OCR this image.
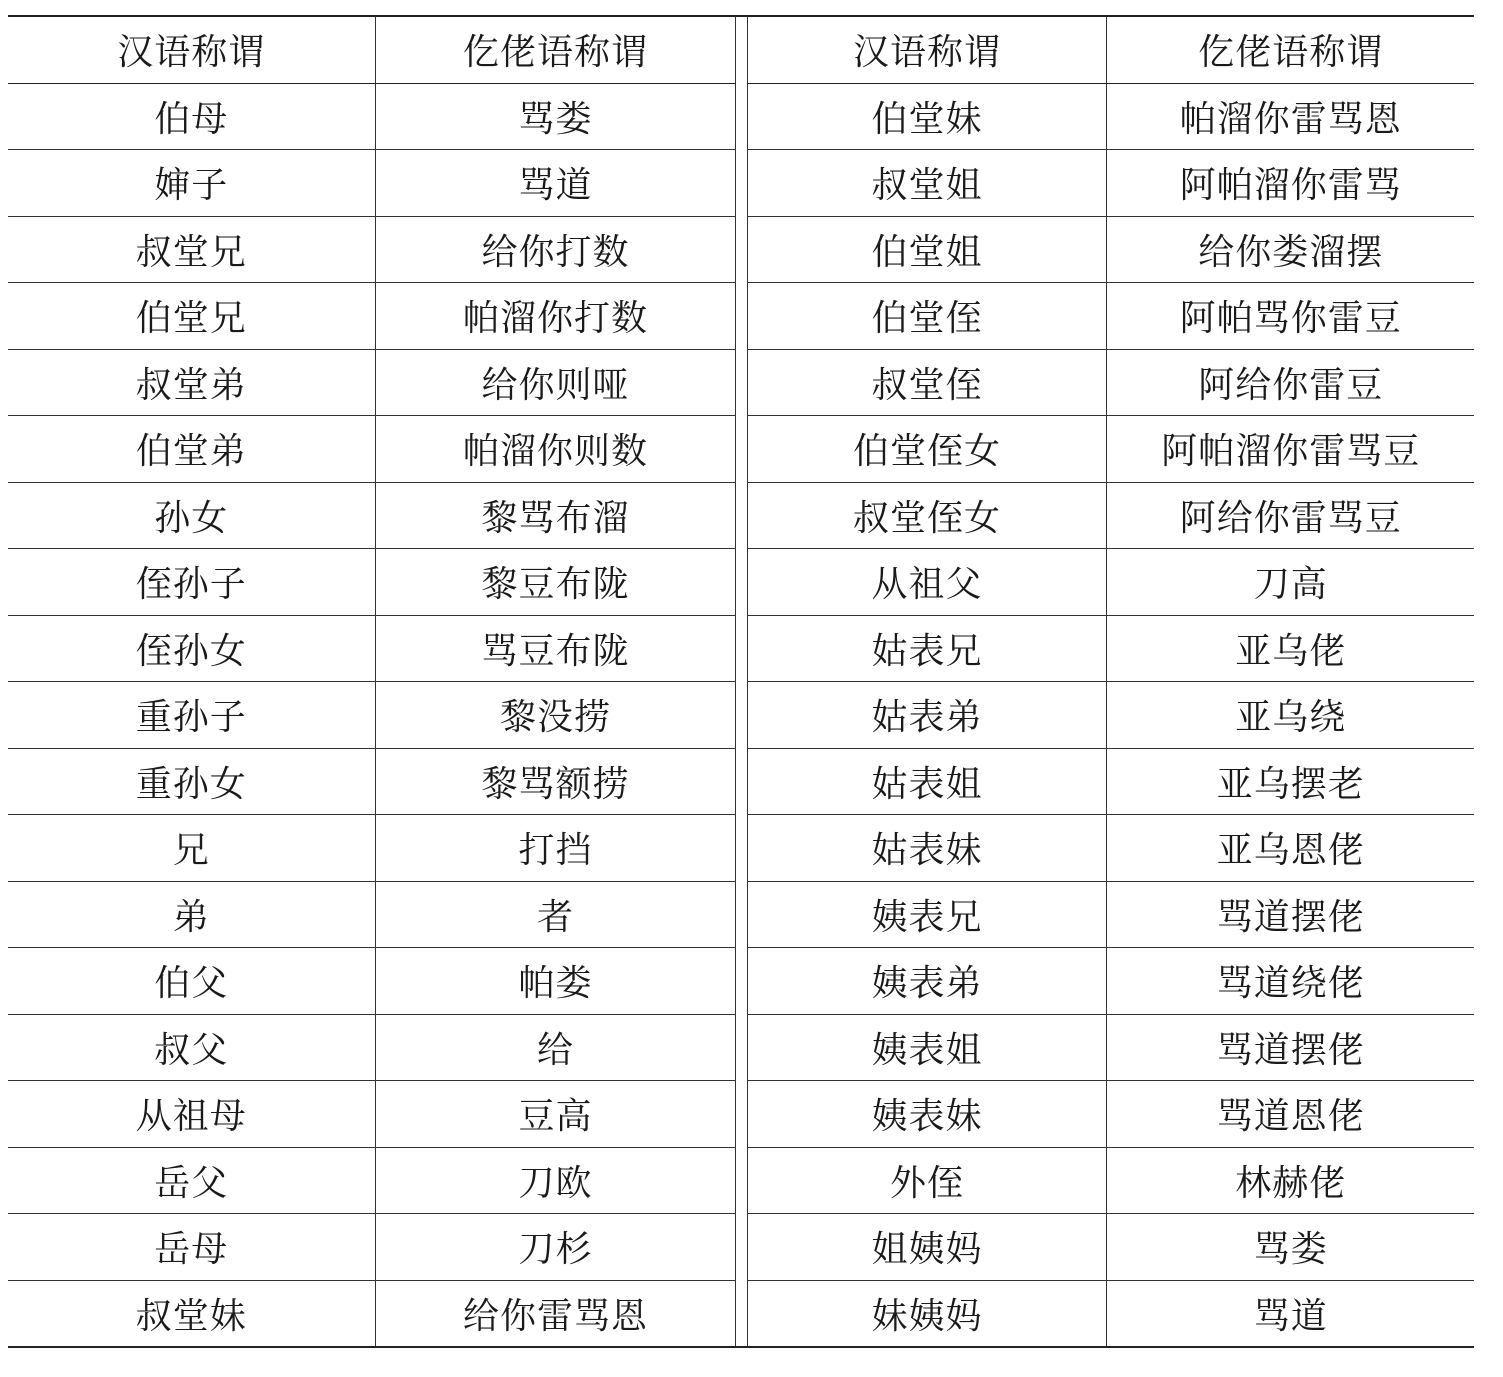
汉语称谓	仡佬语称谓		汉语称谓	仡佬语称谓
伯母	骂娄		伯堂妹	帕溜你雷骂恩
婶子	骂道		叔堂姐	阿帕溜你雷骂
叔堂兄	给你打数		伯堂姐	给你娄溜摆
伯堂兄	帕溜你打数		伯堂侄	阿帕骂你雷豆
叔堂弟	给你则哑		叔堂侄	阿给你雷豆
伯堂弟	帕溜你则数		伯堂侄女	阿帕溜你雷骂豆
孙女	黎骂布溜		叔堂侄女	阿给你雷骂豆
侄孙子	黎豆布陇		从祖父	刀高
侄孙女	骂豆布陇		姑表兄	亚乌佬
重孙子	黎没捞		姑表弟	亚乌绕
重孙女	黎骂额捞		姑表姐	亚乌摆老
兄	打挡		姑表妹	亚乌恩佬
弟	者		姨表兄	骂道摆佬
伯父	帕娄		姨表弟	骂道绕佬
叔父	给		姨表姐	骂道摆佬
从祖母	豆高		姨表妹	骂道恩佬
岳父	刀欧		外侄	林赫佬
岳母	刀杉		姐姨妈	骂娄
叔堂妹	给你雷骂恩		妹姨妈	骂道
